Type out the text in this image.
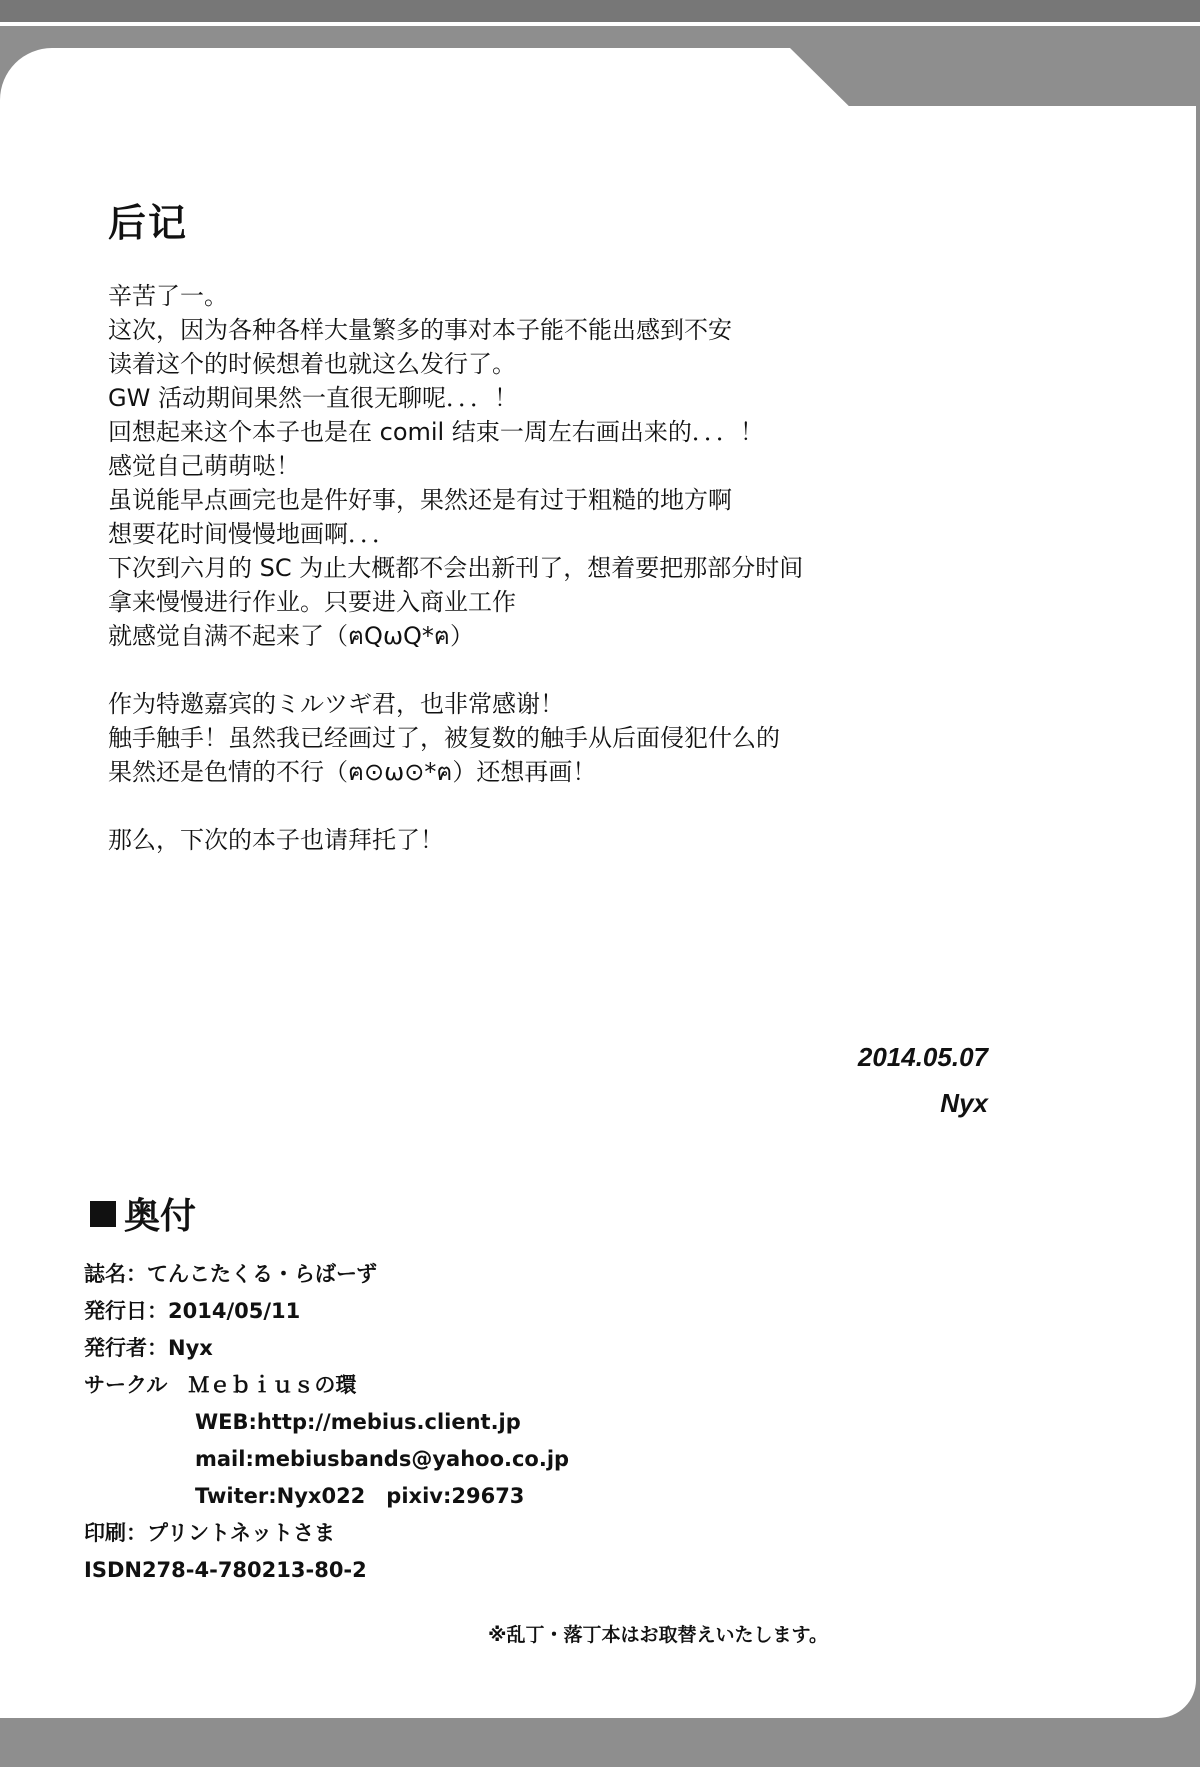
后记
辛苦了一。
这次，因为各种各样大量繁多的事对本子能不能出感到不安
读着这个的时候想着也就这么发行了。
GW 活动期间果然一直很无聊呢．．．！
回想起来这个本子也是在 comil 结束一周左右画出来的．．．！
感觉自己萌萌哒！
虽说能早点画完也是件好事，果然还是有过于粗糙的地方啊
想要花时间慢慢地画啊．．．
下次到六月的 SC 为止大概都不会出新刊了，想着要把那部分时间
拿来慢慢进行作业。只要进入商业工作
就感觉自满不起来了（ฅQωQ*ฅ）
作为特邀嘉宾的ミルツギ君，也非常感谢！
触手触手！虽然我已经画过了，被复数的触手从后面侵犯什么的
果然还是色情的不行（ฅ⊙ω⊙*ฅ）还想再画！
那么，下次的本子也请拜托了！
2014.05.07
Nyx
奥付
誌名：てんこたくる・らばーず
発行日：2014/05/11
発行者：Nyx
サークル　Ｍｅｂｉｕｓの環
WEB:http://mebius.client.jp
mail:mebiusbands@yahoo.co.jp
Twiter:Nyx022　pixiv:29673
印刷：プリントネットさま
ISDN278-4-780213-80-2
※乱丁・落丁本はお取替えいたします。
